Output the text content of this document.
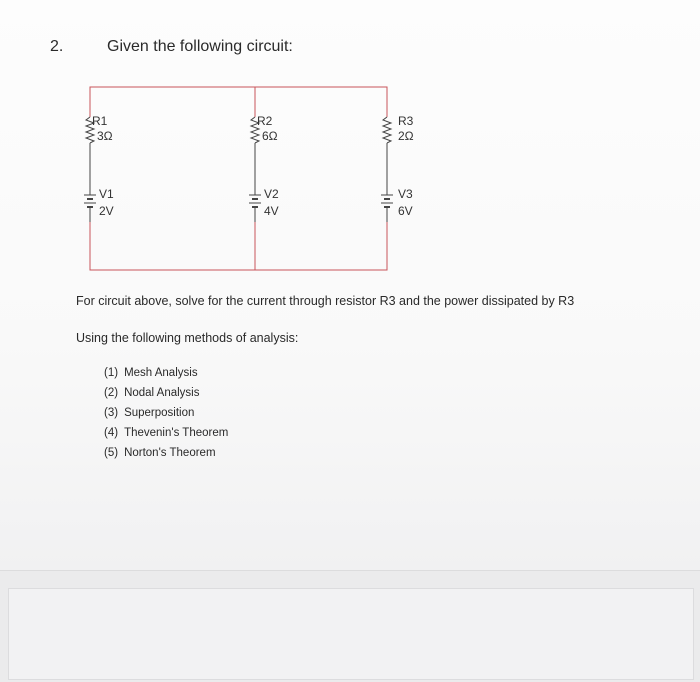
2.	Given the following circuit:
R1
3Ω
R2
6Ω
R3
2Ω
V1
2V
V2
4V
V3
6V
For circuit above, solve for the current through resistor R3 and the power dissipated by R3
Using the following methods of analysis:
(1) Mesh Analysis
(2) Nodal Analysis
(3) Superposition
(4) Thevenin's Theorem
(5) Norton's Theorem
